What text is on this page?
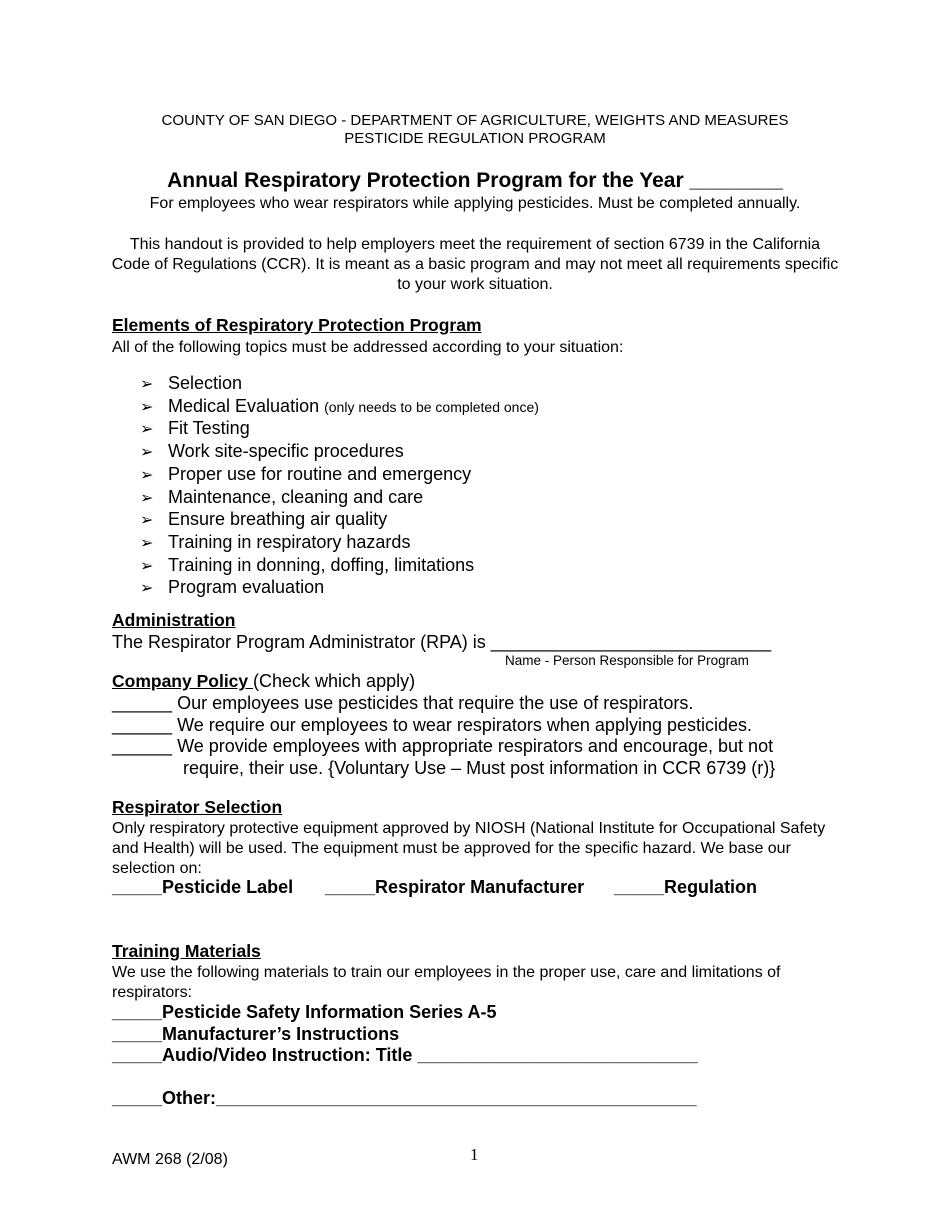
COUNTY OF SAN DIEGO - DEPARTMENT OF AGRICULTURE, WEIGHTS AND MEASURES
PESTICIDE REGULATION PROGRAM
Annual Respiratory Protection Program for the Year ________
For employees who wear respirators while applying pesticides. Must be completed annually.
This handout is provided to help employers meet the requirement of section 6739 in the California Code of Regulations (CCR). It is meant as a basic program and may not meet all requirements specific to your work situation.
Elements of Respiratory Protection Program
All of the following topics must be addressed according to your situation:
➢ Selection
➢ Medical Evaluation (only needs to be completed once)
➢ Fit Testing
➢ Work site-specific procedures
➢ Proper use for routine and emergency
➢ Maintenance, cleaning and care
➢ Ensure breathing air quality
➢ Training in respiratory hazards
➢ Training in donning, doffing, limitations
➢ Program evaluation
Administration
The Respirator Program Administrator (RPA) is ____________________________
Name - Person Responsible for Program
Company Policy (Check which apply)
______ Our employees use pesticides that require the use of respirators.
______ We require our employees to wear respirators when applying pesticides.
______ We provide employees with appropriate respirators and encourage, but not
require, their use. {Voluntary Use – Must post information in CCR 6739 (r)}
Respirator Selection
Only respiratory protective equipment approved by NIOSH (National Institute for Occupational Safety and Health) will be used. The equipment must be approved for the specific hazard. We base our selection on:
_____Pesticide Label _____Respirator Manufacturer _____Regulation
Training Materials
We use the following materials to train our employees in the proper use, care and limitations of respirators:
_____Pesticide Safety Information Series A-5
_____Manufacturer’s Instructions
_____Audio/Video Instruction: Title ____________________________
_____Other:________________________________________________
AWM 268 (2/08)	1
